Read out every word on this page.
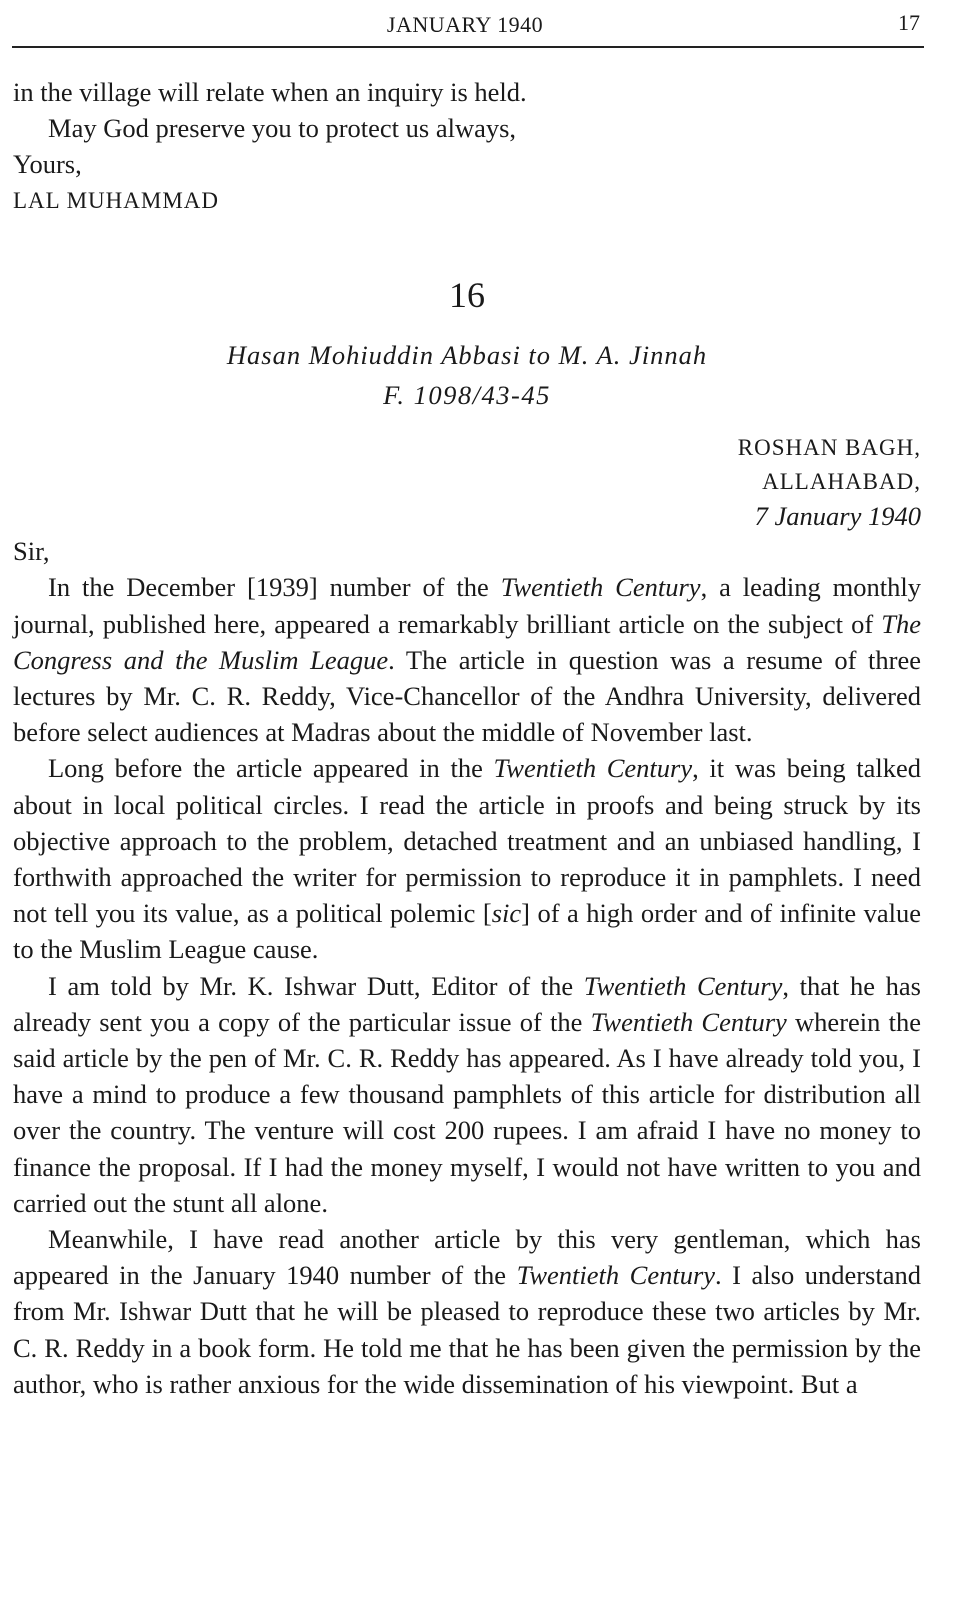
JANUARY 1940	17

in the village will relate when an inquiry is held.

May God preserve you to protect us always,

Yours,

LAL MUHAMMAD

16
Hasan Mohiuddin Abbasi to M. A. Jinnah
F. 1098/43-45
ROSHAN BAGH,
ALLAHABAD,
7 January 1940

Sir,

In the December [1939] number of the Twentieth Century, a leading monthly journal, published here, appeared a remarkably brilliant article on the subject of The Congress and the Muslim League. The article in question was a resume of three lectures by Mr. C. R. Reddy, Vice-Chancellor of the Andhra University, delivered before select audiences at Madras about the middle of November last.

Long before the article appeared in the Twentieth Century, it was being talked about in local political circles. I read the article in proofs and being struck by its objective approach to the problem, detached treatment and an unbiased handling, I forthwith approached the writer for permission to reproduce it in pamphlets. I need not tell you its value, as a political polemic [sic] of a high order and of infinite value to the Muslim League cause.

I am told by Mr. K. Ishwar Dutt, Editor of the Twentieth Century, that he has already sent you a copy of the particular issue of the Twentieth Century wherein the said article by the pen of Mr. C. R. Reddy has appeared. As I have already told you, I have a mind to produce a few thousand pamphlets of this article for distribution all over the country. The venture will cost 200 rupees. I am afraid I have no money to finance the proposal. If I had the money myself, I would not have written to you and carried out the stunt all alone.

Meanwhile, I have read another article by this very gentleman, which has appeared in the January 1940 number of the Twentieth Century. I also understand from Mr. Ishwar Dutt that he will be pleased to reproduce these two articles by Mr. C. R. Reddy in a book form. He told me that he has been given the permission by the author, who is rather anxious for the wide dissemination of his viewpoint. But a
